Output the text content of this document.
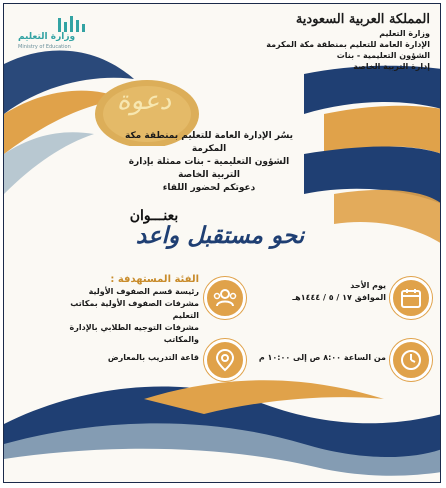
وزارة التعليم
Ministry of Education
المملكة العربية السعودية
وزارة التعليم
الإدارة العامة للتعليم بمنطقة مكة المكرمة
الشؤون التعليمية - بنات
إدارة التربية الخاصة
دعوة
يسُر الإدارة العامة للتعليم بمنطقة مكة
المكرمة
الشؤون التعليمية - بنات ممثلة بإدارة
التربية الخاصة
دعوتكم لحضور اللقاء
بعنـــوان
نحو مستقبل واعد
الفئة المستهدفة :
رئيسة قسم الصفوف الأولية
مشرفات الصفوف الأولية بمكاتب التعليم
مشرفات التوجيه الطلابي بالإدارة والمكاتب
يوم الأحد
الموافق ١٧ / ٥ / ١٤٤٤هـ
قاعة التدريب بالمعارض	من الساعة ٨:٠٠ ص إلى ١٠:٠٠ م
